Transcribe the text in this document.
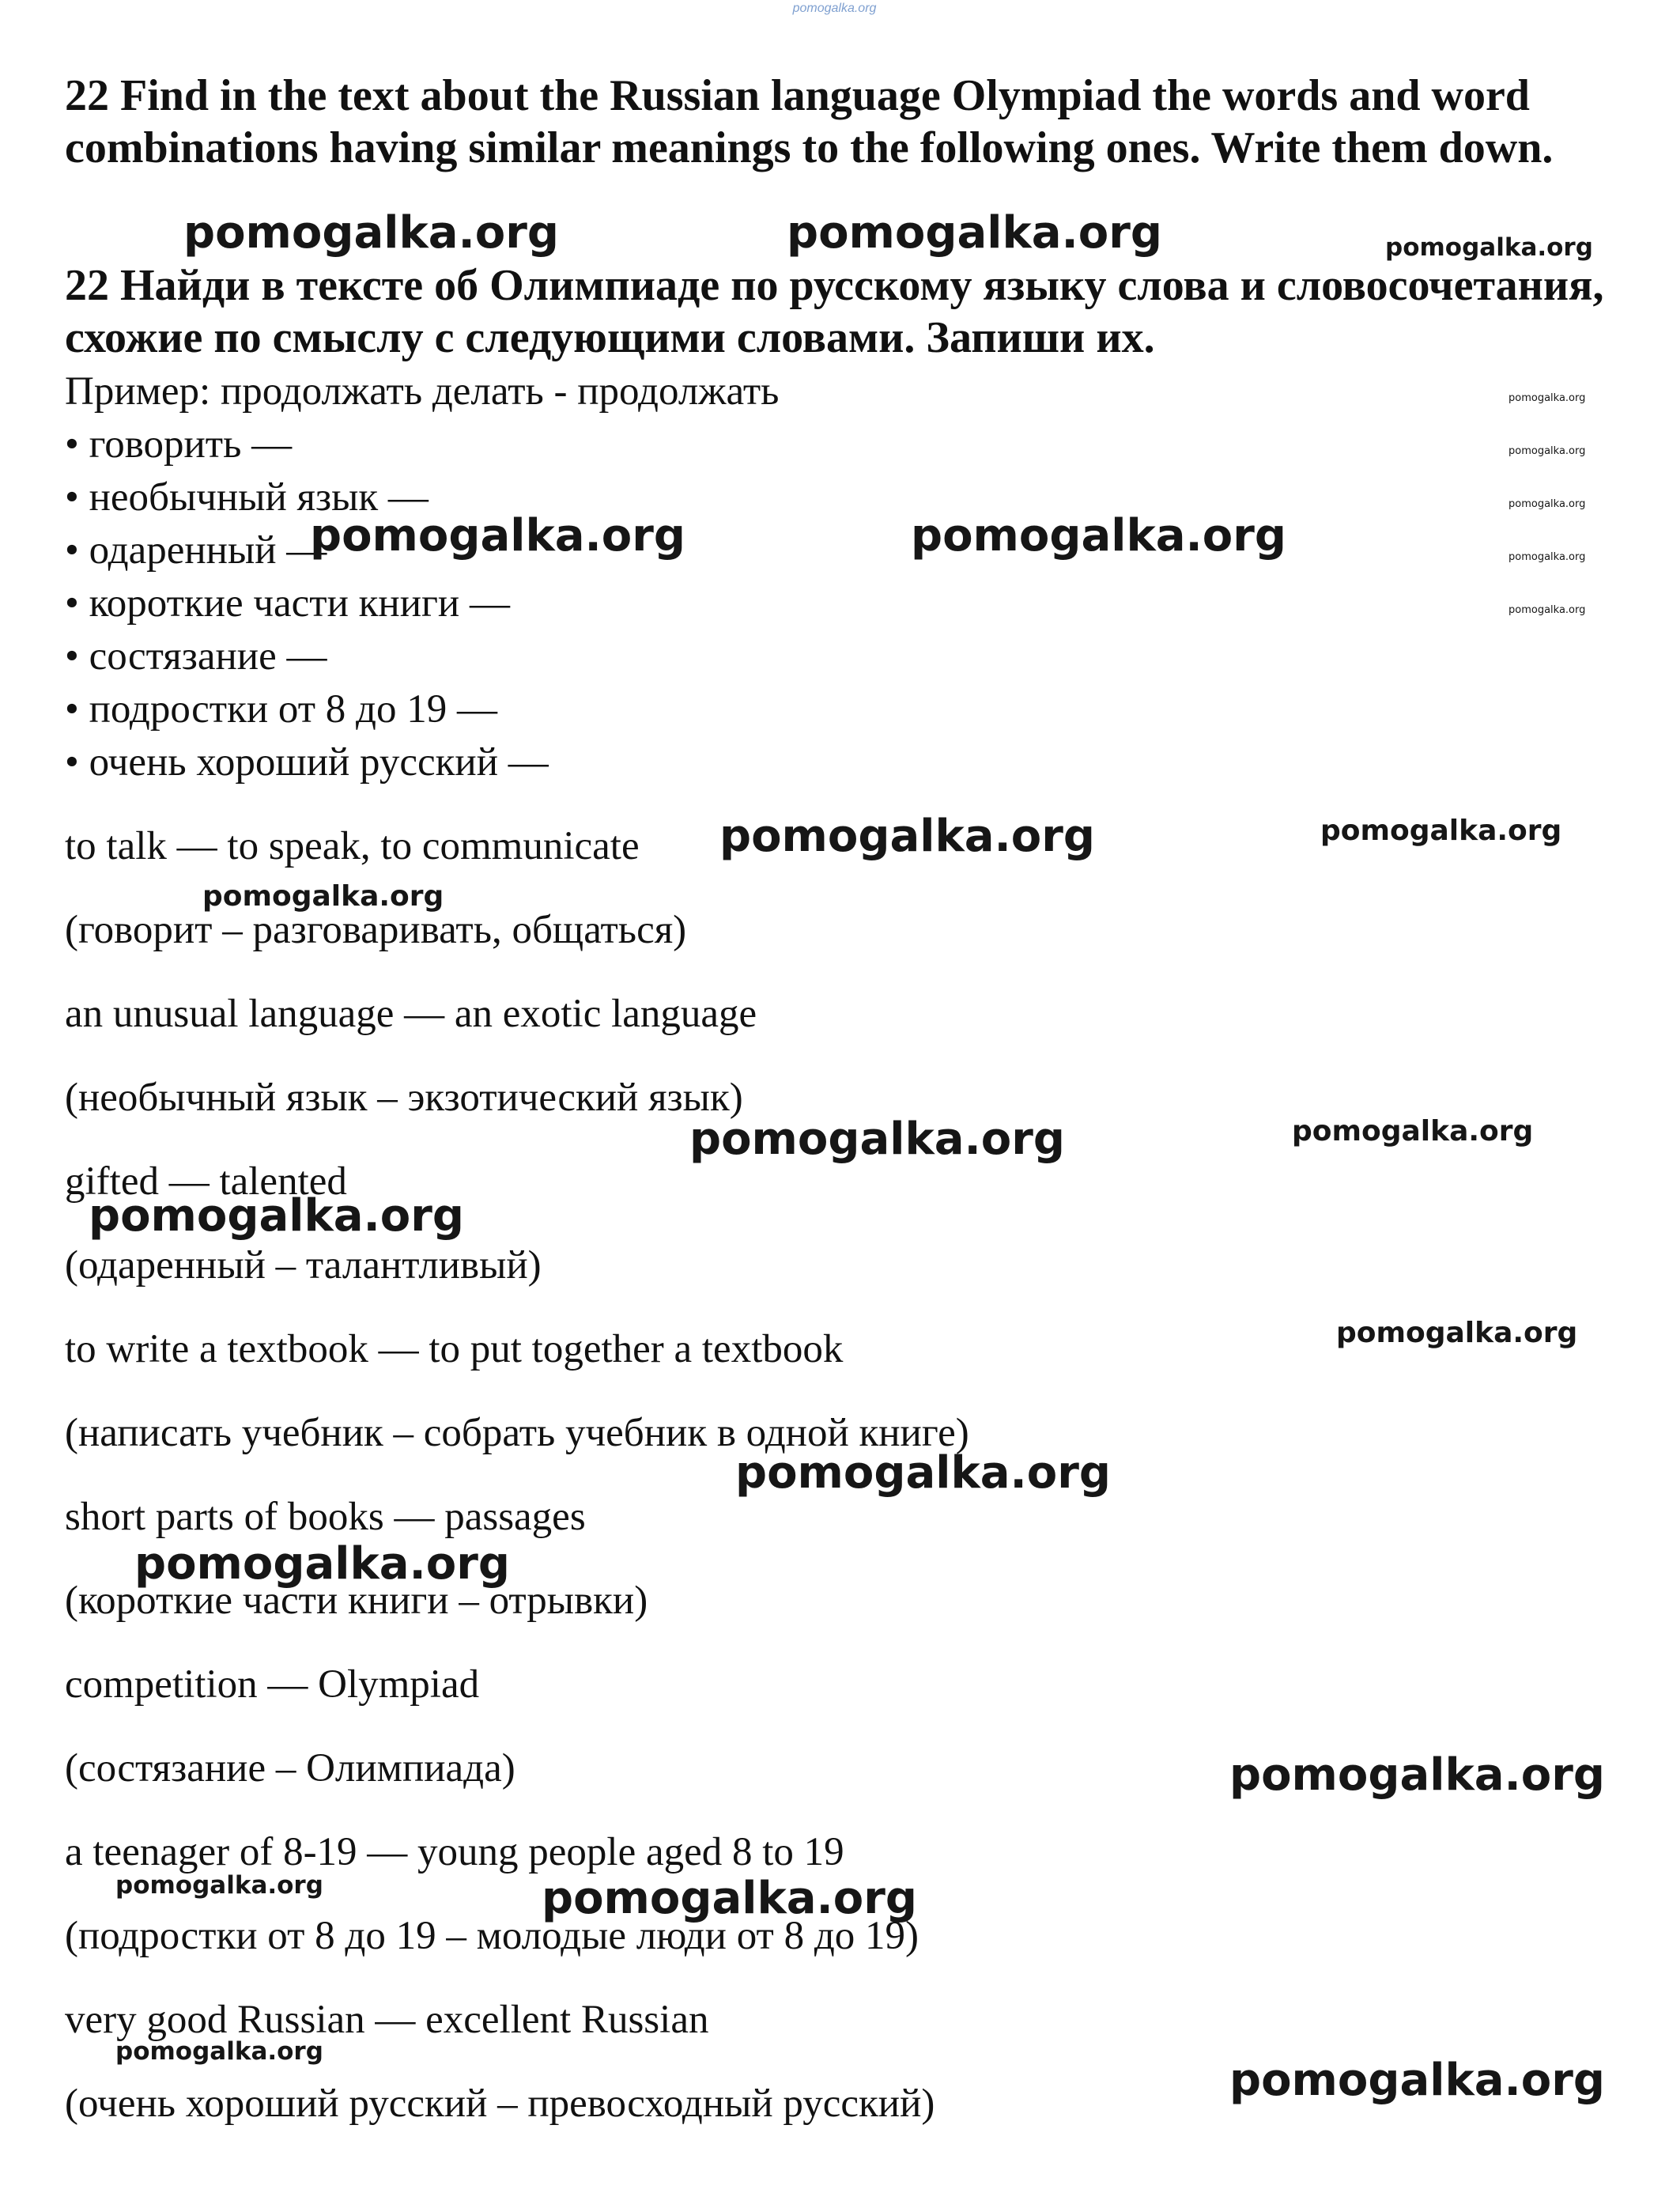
pomogalka.org

22 Find in the text about the Russian language Olympiad the words and word combinations having similar meanings to the following ones. Write them down.

22 Найди в тексте об Олимпиаде по русскому языку слова и словосочетания, схожие по смыслу с следующими словами. Запиши их.

Пример: продолжать делать - продолжать
• говорить —
• необычный язык —
• одаренный —
• короткие части книги —
• состязание —
• подростки от 8 до 19 —
• очень хороший русский —
to talk — to speak, to communicate
(говорит – разговаривать, общаться)
an unusual language — an exotic language
(необычный язык – экзотический язык)
gifted — talented
(одаренный – талантливый)
to write a textbook — to put together a textbook
(написать учебник – собрать учебник в одной книге)
short parts of books — passages
(короткие части книги – отрывки)
competition — Olympiad
(состязание – Олимпиада)
a teenager of 8-19 — young people aged 8 to 19
(подростки от 8 до 19 – молодые люди от 8 до 19)
very good Russian — excellent Russian
(очень хороший русский – превосходный русский)
pomogalka.org	pomogalka.org	pomogalka.org
pomogalka.org
pomogalka.org
pomogalka.org
pomogalka.org
pomogalka.org
pomogalka.org	pomogalka.org
pomogalka.org	pomogalka.org
pomogalka.org
pomogalka.org	pomogalka.org
pomogalka.org
pomogalka.org
pomogalka.org
pomogalka.org
pomogalka.org
pomogalka.org	pomogalka.org
pomogalka.org
pomogalka.org
